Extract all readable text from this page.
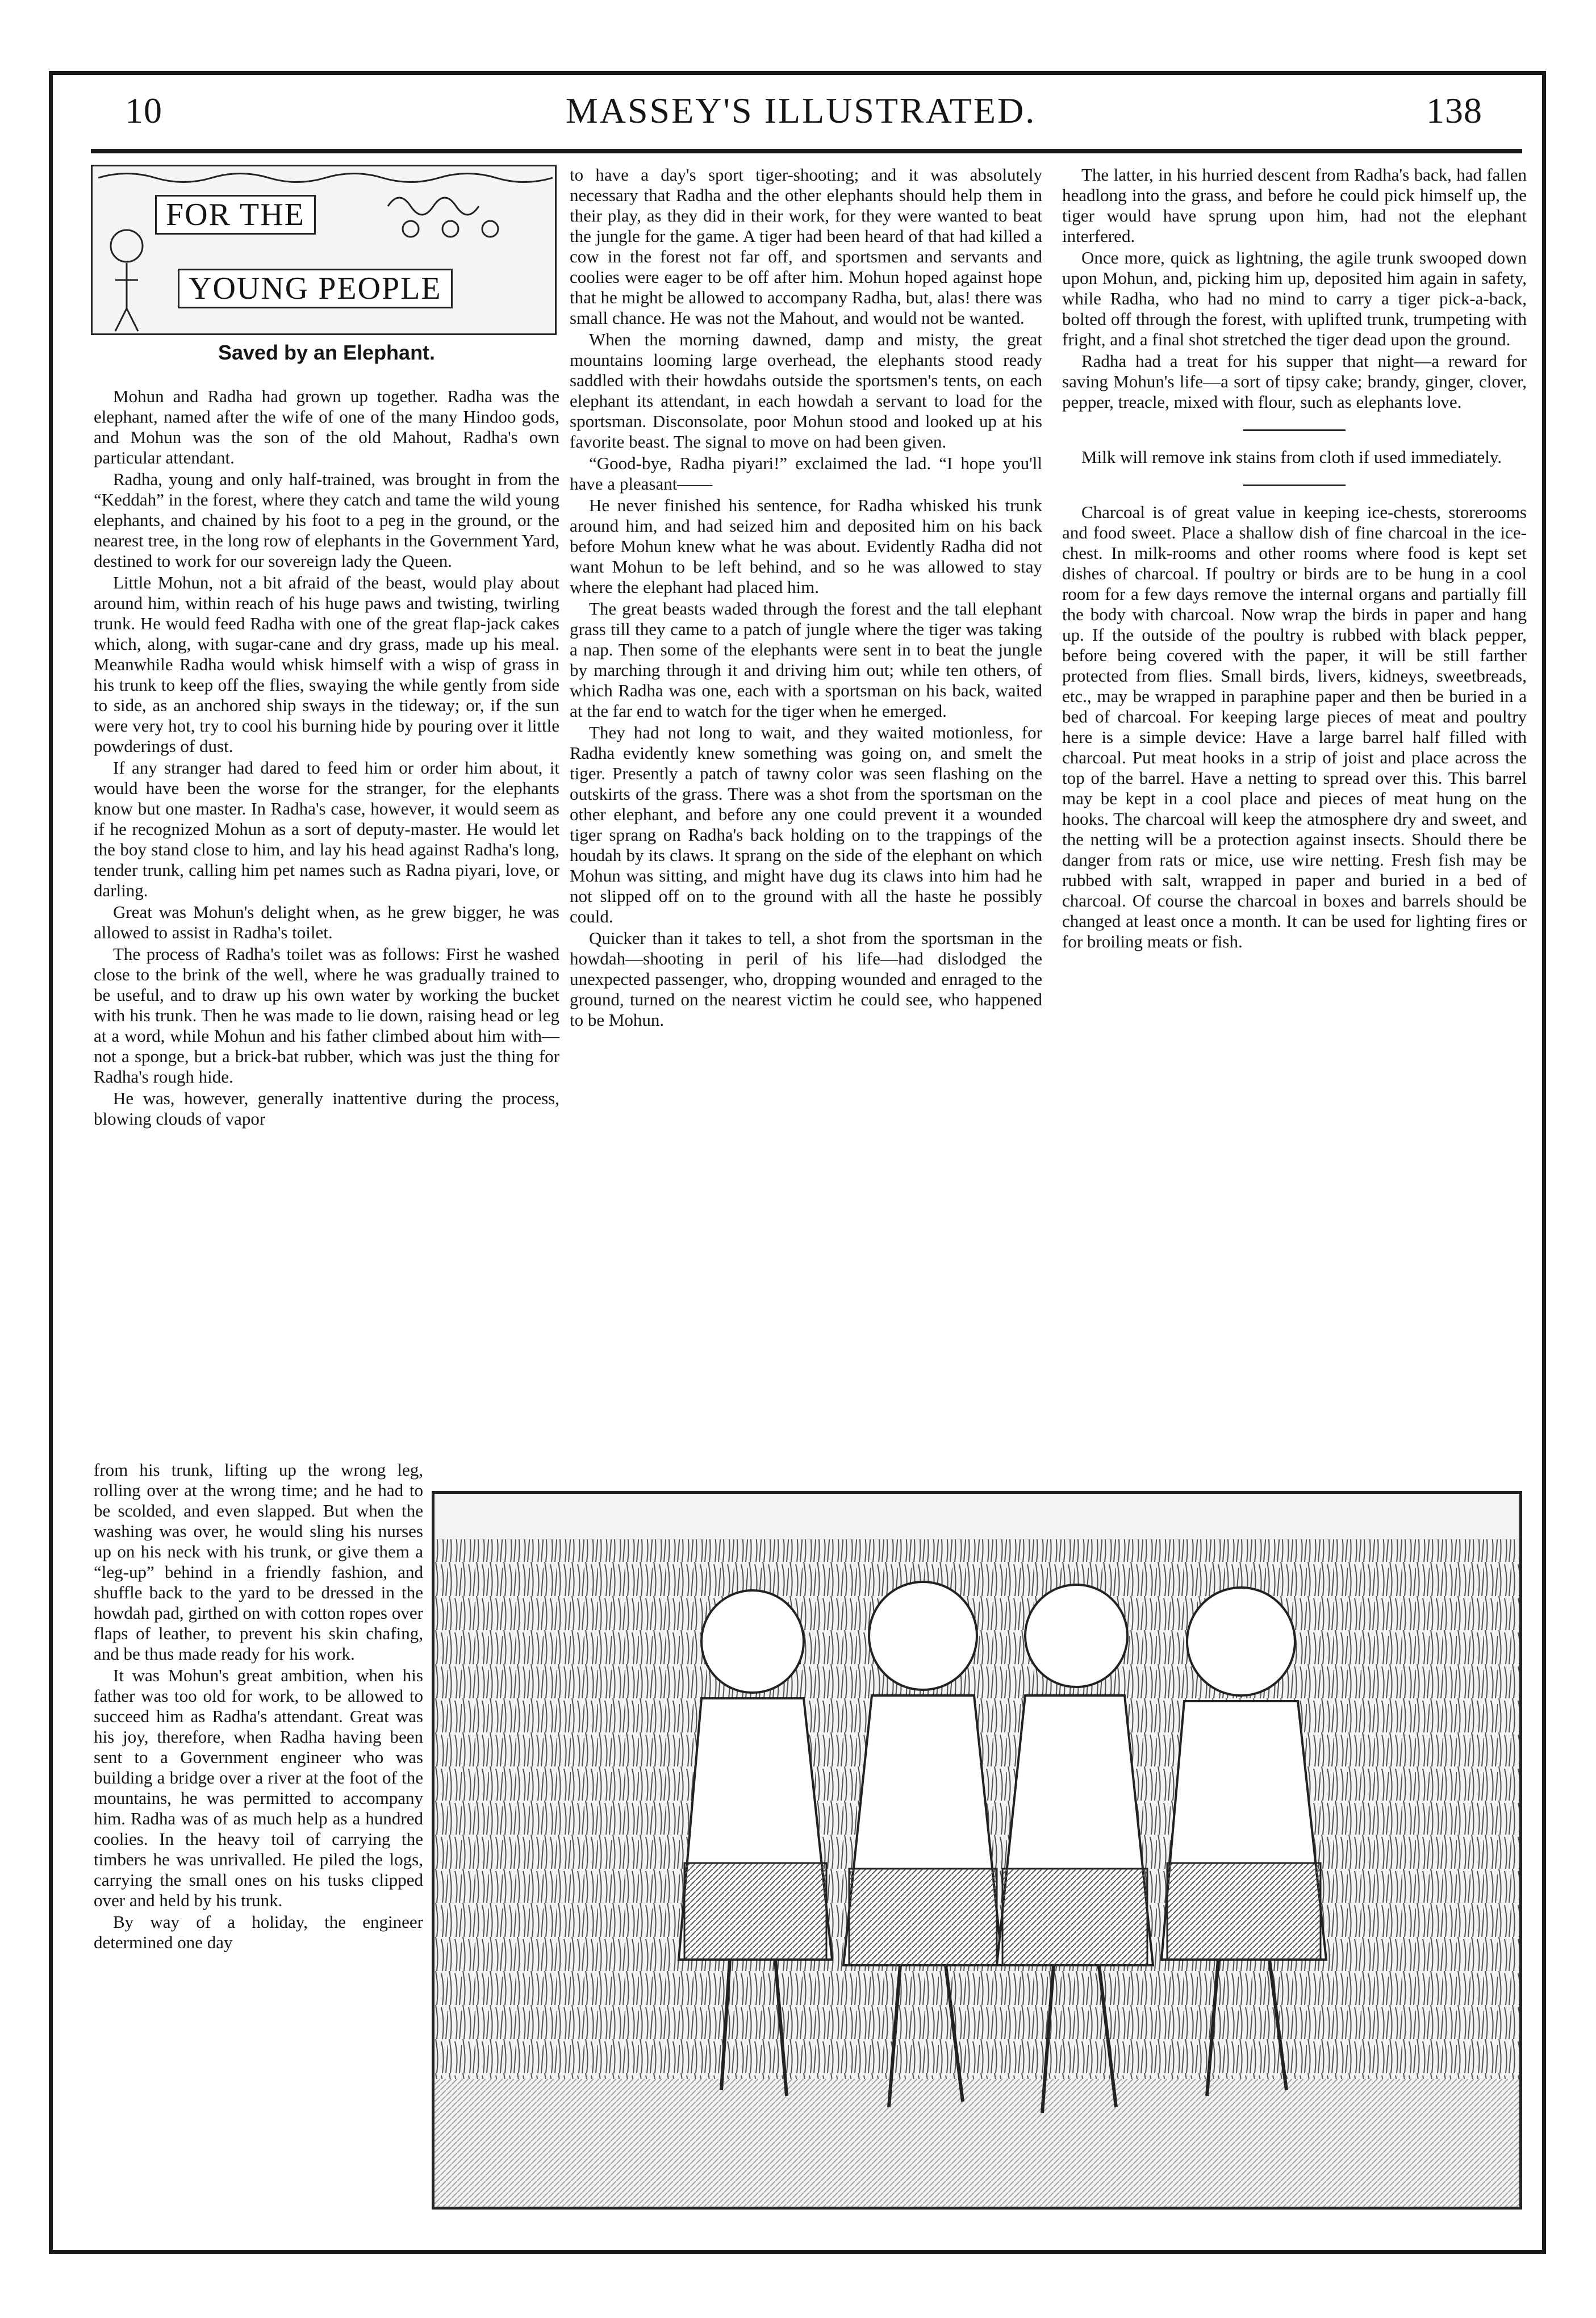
10	MASSEY'S ILLUSTRATED.	138
FOR THE
YOUNG PEOPLE
Saved by an Elephant.

Mohun and Radha had grown up together. Radha was the elephant, named after the wife of one of the many Hindoo gods, and Mohun was the son of the old Mahout, Radha's own particular attendant.

Radha, young and only half-trained, was brought in from the “Keddah” in the forest, where they catch and tame the wild young elephants, and chained by his foot to a peg in the ground, or the nearest tree, in the long row of elephants in the Government Yard, destined to work for our sovereign lady the Queen.

Little Mohun, not a bit afraid of the beast, would play about around him, within reach of his huge paws and twisting, twirling trunk. He would feed Radha with one of the great flap-jack cakes which, along, with sugar-cane and dry grass, made up his meal. Meanwhile Radha would whisk himself with a wisp of grass in his trunk to keep off the flies, swaying the while gently from side to side, as an anchored ship sways in the tideway; or, if the sun were very hot, try to cool his burning hide by pouring over it little powderings of dust.

If any stranger had dared to feed him or order him about, it would have been the worse for the stranger, for the elephants know but one master. In Radha's case, however, it would seem as if he recognized Mohun as a sort of deputy-master. He would let the boy stand close to him, and lay his head against Radha's long, tender trunk, calling him pet names such as Radna piyari, love, or darling.

Great was Mohun's delight when, as he grew bigger, he was allowed to assist in Radha's toilet.

The process of Radha's toilet was as follows: First he washed close to the brink of the well, where he was gradually trained to be useful, and to draw up his own water by working the bucket with his trunk. Then he was made to lie down, raising head or leg at a word, while Mohun and his father climbed about him with—not a sponge, but a brick-bat rubber, which was just the thing for Radha's rough hide.

He was, however, generally inattentive during the process, blowing clouds of vapor

from his trunk, lifting up the wrong leg, rolling over at the wrong time; and he had to be scolded, and even slapped. But when the washing was over, he would sling his nurses up on his neck with his trunk, or give them a “leg-up” behind in a friendly fashion, and shuffle back to the yard to be dressed in the howdah pad, girthed on with cotton ropes over flaps of leather, to prevent his skin chafing, and be thus made ready for his work.

It was Mohun's great ambition, when his father was too old for work, to be allowed to succeed him as Radha's attendant. Great was his joy, therefore, when Radha having been sent to a Government engineer who was building a bridge over a river at the foot of the mountains, he was permitted to accompany him. Radha was of as much help as a hundred coolies. In the heavy toil of carrying the timbers he was unrivalled. He piled the logs, carrying the small ones on his tusks clipped over and held by his trunk.

By way of a holiday, the engineer determined one day

to have a day's sport tiger-shooting; and it was absolutely necessary that Radha and the other elephants should help them in their play, as they did in their work, for they were wanted to beat the jungle for the game. A tiger had been heard of that had killed a cow in the forest not far off, and sportsmen and servants and coolies were eager to be off after him. Mohun hoped against hope that he might be allowed to accompany Radha, but, alas! there was small chance. He was not the Mahout, and would not be wanted.

When the morning dawned, damp and misty, the great mountains looming large overhead, the elephants stood ready saddled with their howdahs outside the sportsmen's tents, on each elephant its attendant, in each howdah a servant to load for the sportsman. Disconsolate, poor Mohun stood and looked up at his favorite beast. The signal to move on had been given.

“Good-bye, Radha piyari!” exclaimed the lad. “I hope you'll have a pleasant——

He never finished his sentence, for Radha whisked his trunk around him, and had seized him and deposited him on his back before Mohun knew what he was about. Evidently Radha did not want Mohun to be left behind, and so he was allowed to stay where the elephant had placed him.

The great beasts waded through the forest and the tall elephant grass till they came to a patch of jungle where the tiger was taking a nap. Then some of the elephants were sent in to beat the jungle by marching through it and driving him out; while ten others, of which Radha was one, each with a sportsman on his back, waited at the far end to watch for the tiger when he emerged.

They had not long to wait, and they waited motionless, for Radha evidently knew something was going on, and smelt the tiger. Presently a patch of tawny color was seen flashing on the outskirts of the grass. There was a shot from the sportsman on the other elephant, and before any one could prevent it a wounded tiger sprang on Radha's back holding on to the trappings of the houdah by its claws. It sprang on the side of the elephant on which Mohun was sitting, and might have dug its claws into him had he not slipped off on to the ground with all the haste he possibly could.

Quicker than it takes to tell, a shot from the sportsman in the howdah—shooting in peril of his life—had dislodged the unexpected passenger, who, dropping wounded and enraged to the ground, turned on the nearest victim he could see, who happened to be Mohun.

The latter, in his hurried descent from Radha's back, had fallen headlong into the grass, and before he could pick himself up, the tiger would have sprung upon him, had not the elephant interfered.

Once more, quick as lightning, the agile trunk swooped down upon Mohun, and, picking him up, deposited him again in safety, while Radha, who had no mind to carry a tiger pick-a-back, bolted off through the forest, with uplifted trunk, trumpeting with fright, and a final shot stretched the tiger dead upon the ground.

Radha had a treat for his supper that night—a reward for saving Mohun's life—a sort of tipsy cake; brandy, ginger, clover, pepper, treacle, mixed with flour, such as elephants love.

Milk will remove ink stains from cloth if used immediately.

Charcoal is of great value in keeping ice-chests, storerooms and food sweet. Place a shallow dish of fine charcoal in the ice-chest. In milk-rooms and other rooms where food is kept set dishes of charcoal. If poultry or birds are to be hung in a cool room for a few days remove the internal organs and partially fill the body with charcoal. Now wrap the birds in paper and hang up. If the outside of the poultry is rubbed with black pepper, before being covered with the paper, it will be still farther protected from flies. Small birds, livers, kidneys, sweetbreads, etc., may be wrapped in paraphine paper and then be buried in a bed of charcoal. For keeping large pieces of meat and poultry here is a simple device: Have a large barrel half filled with charcoal. Put meat hooks in a strip of joist and place across the top of the barrel. Have a netting to spread over this. This barrel may be kept in a cool place and pieces of meat hung on the hooks. The charcoal will keep the atmosphere dry and sweet, and the netting will be a protection against insects. Should there be danger from rats or mice, use wire netting. Fresh fish may be rubbed with salt, wrapped in paper and buried in a bed of charcoal. Of course the charcoal in boxes and barrels should be changed at least once a month. It can be used for lighting fires or for broiling meats or fish.
